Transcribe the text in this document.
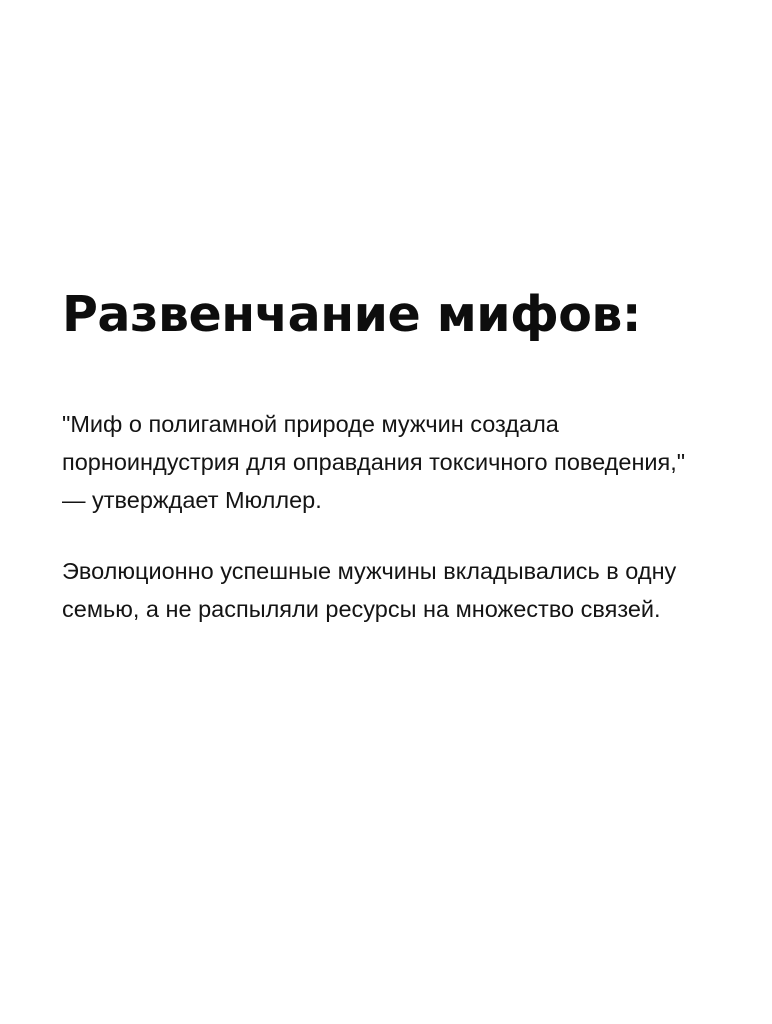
Развенчание мифов:

"Миф о полигамной природе мужчин создала порноиндустрия для оправдания токсичного поведения," — утверждает Мюллер.

Эволюционно успешные мужчины вкладывались в одну семью, а не распыляли ресурсы на множество связей.
